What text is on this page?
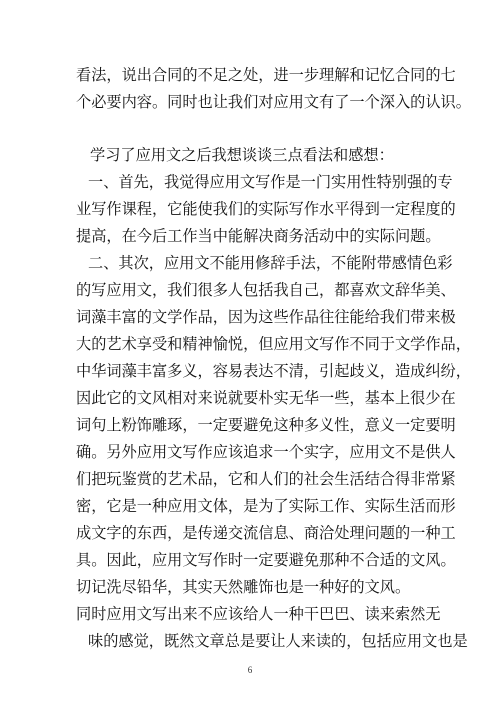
看法，说出合同的不足之处，进一步理解和记忆合同的七
个必要内容。同时也让我们对应用文有了一个深入的认识。
学习了应用文之后我想谈谈三点看法和感想：
一、首先，我觉得应用文写作是一门实用性特别强的专
业写作课程，它能使我们的实际写作水平得到一定程度的
提高，在今后工作当中能解决商务活动中的实际问题。
二、其次，应用文不能用修辞手法，不能附带感情色彩
的写应用文，我们很多人包括我自己，都喜欢文辞华美、
词藻丰富的文学作品，因为这些作品往往能给我们带来极
大的艺术享受和精神愉悦，但应用文写作不同于文学作品，
中华词藻丰富多义，容易表达不清，引起歧义，造成纠纷，
因此它的文风相对来说就要朴实无华一些，基本上很少在
词句上粉饰雕琢，一定要避免这种多义性，意义一定要明
确。另外应用文写作应该追求一个实字，应用文不是供人
们把玩鉴赏的艺术品，它和人们的社会生活结合得非常紧
密，它是一种应用文体，是为了实际工作、实际生活而形
成文字的东西，是传递交流信息、商洽处理问题的一种工
具。因此，应用文写作时一定要避免那种不合适的文风。
切记洗尽铅华，其实天然雕饰也是一种好的文风。
同时应用文写出来不应该给人一种干巴巴、读来索然无
味的感觉，既然文章总是要让人来读的，包括应用文也是
6
